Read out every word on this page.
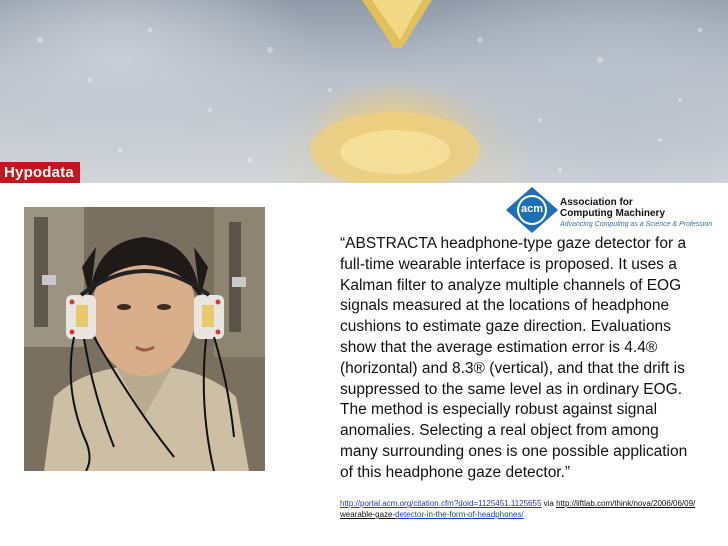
Hypodata
acm
Association for
Computing Machinery
Advancing Computing as a Science & Profession
“ABSTRACTA headphone-type gaze detector for a
full-time wearable interface is proposed. It uses a
Kalman filter to analyze multiple channels of EOG
signals measured at the locations of headphone
cushions to estimate gaze direction. Evaluations
show that the average estimation error is 4.4®
(horizontal) and 8.3® (vertical), and that the drift is
suppressed to the same level as in ordinary EOG.
The method is especially robust against signal
anomalies. Selecting a real object from among
many surrounding ones is one possible application
of this headphone gaze detector.”
http://portal.acm.org/citation.cfm?doid=1125451.1125655 via http://liftlab.com/think/nova/2006/06/09/
wearable-gaze-detector-in-the-form-of-headphones/
